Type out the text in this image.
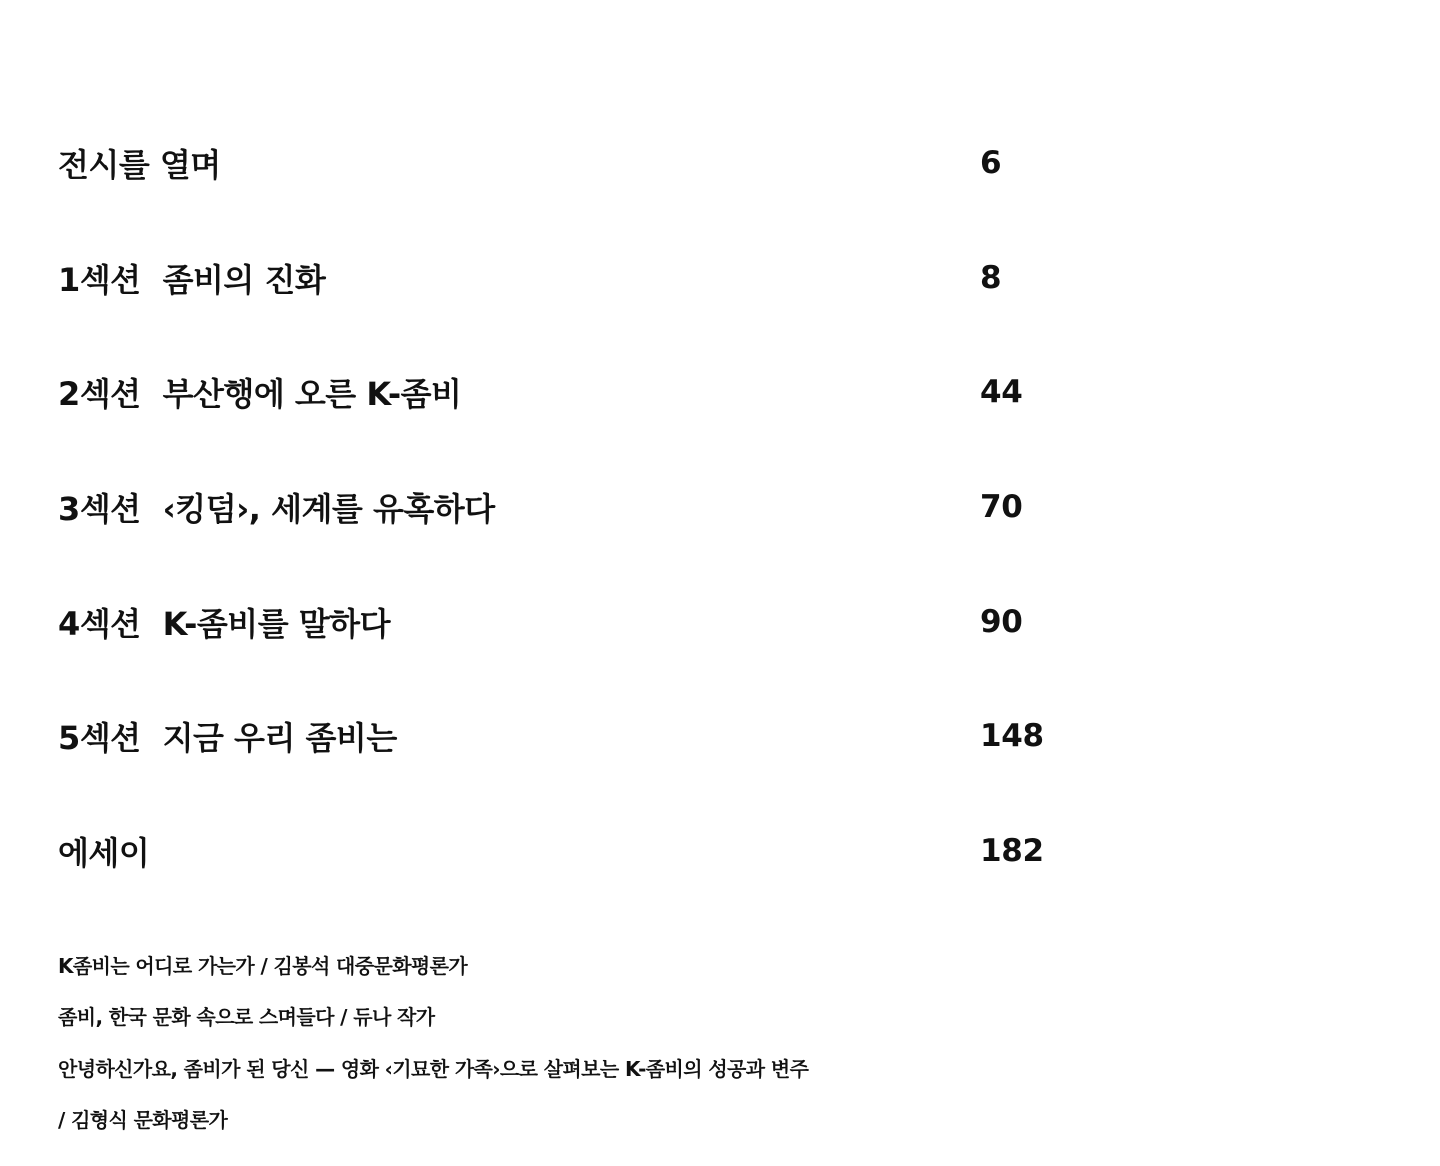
전시를 열며	6
1섹션 좀비의 진화	8
2섹션 부산행에 오른 K-좀비	44
3섹션 ‹킹덤›, 세계를 유혹하다	70
4섹션 K-좀비를 말하다	90
5섹션 지금 우리 좀비는	148
에세이	182
K좀비는 어디로 가는가 / 김봉석 대중문화평론가
좀비, 한국 문화 속으로 스며들다 / 듀나 작가
안녕하신가요, 좀비가 된 당신 — 영화 ‹기묘한 가족›으로 살펴보는 K-좀비의 성공과 변주
/ 김형식 문화평론가
